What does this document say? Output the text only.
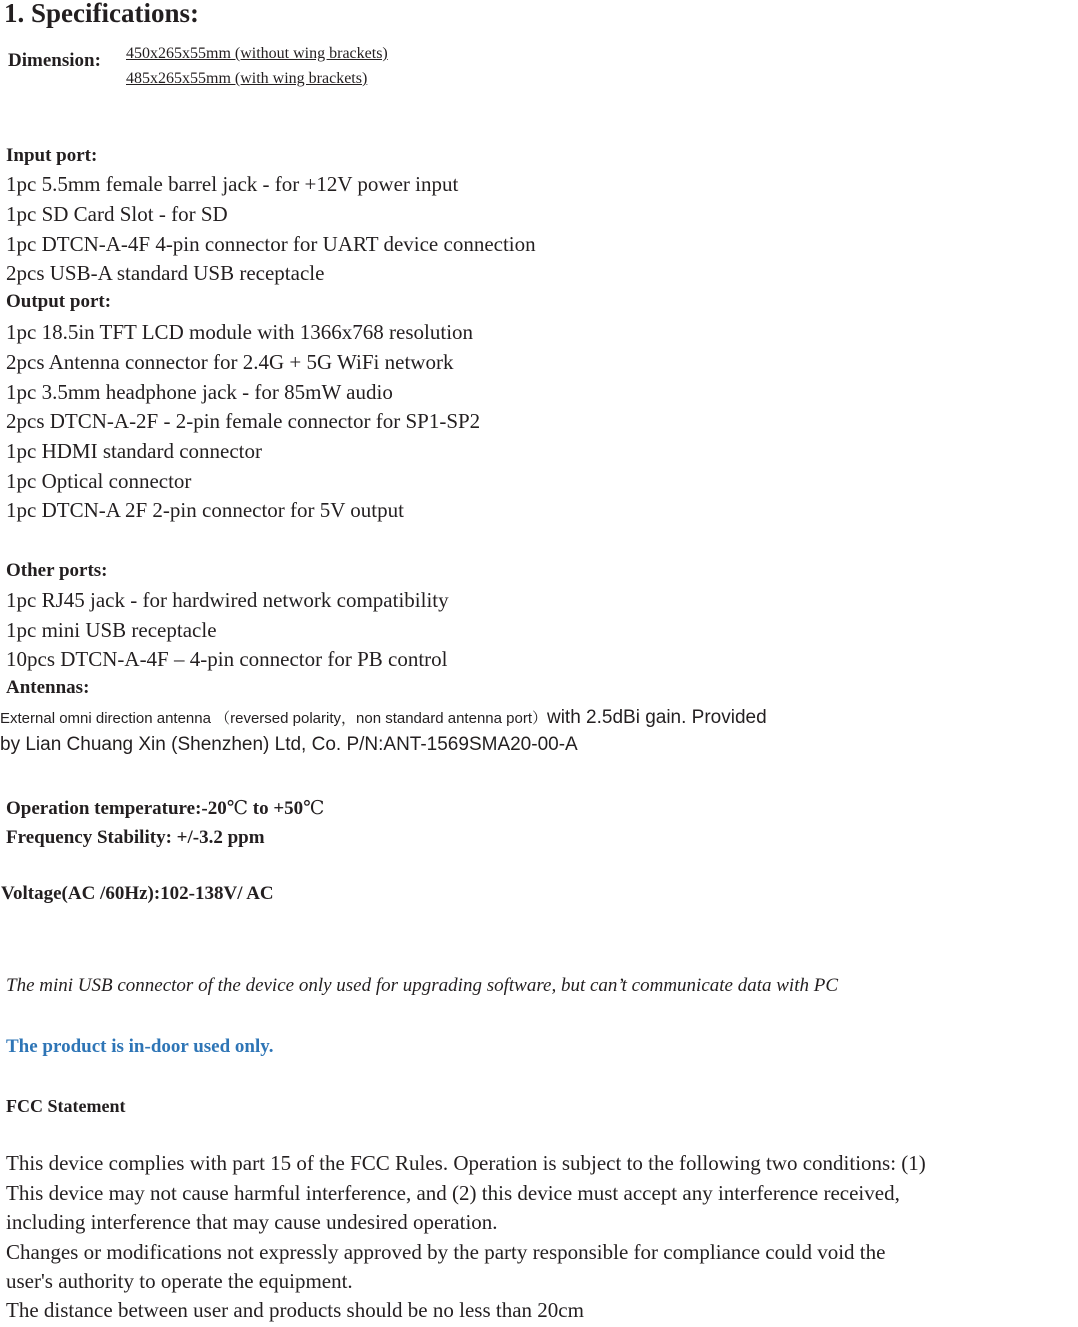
1. Specifications:
Dimension: 450x265x55mm (without wing brackets)
485x265x55mm (with wing brackets)
Input port:
1pc 5.5mm female barrel jack - for +12V power input
1pc SD Card Slot - for SD
1pc DTCN-A-4F 4-pin connector for UART device connection
2pcs USB-A standard USB receptacle
Output port:
1pc 18.5in TFT LCD module with 1366x768 resolution
2pcs Antenna connector for 2.4G + 5G WiFi network
1pc 3.5mm headphone jack - for 85mW audio
2pcs DTCN-A-2F - 2-pin female connector for SP1-SP2
1pc HDMI standard connector
1pc Optical connector
1pc DTCN-A 2F 2-pin connector for 5V output
Other ports:
1pc RJ45 jack - for hardwired network compatibility
1pc mini USB receptacle
10pcs DTCN-A-4F – 4-pin connector for PB control
Antennas:
External omni direction antenna （reversed polarity，non standard antenna port）with 2.5dBi gain. Provided
by Lian Chuang Xin (Shenzhen) Ltd, Co. P/N:ANT-1569SMA20-00-A
Operation temperature:-20℃ to +50℃
Frequency Stability: +/-3.2 ppm
Voltage(AC /60Hz):102-138V/ AC
The mini USB connector of the device only used for upgrading software, but can’t communicate data with PC
The product is in-door used only.
FCC Statement
This device complies with part 15 of the FCC Rules. Operation is subject to the following two conditions: (1)
This device may not cause harmful interference, and (2) this device must accept any interference received,
including interference that may cause undesired operation.
Changes or modifications not expressly approved by the party responsible for compliance could void the
user's authority to operate the equipment.
The distance between user and products should be no less than 20cm
